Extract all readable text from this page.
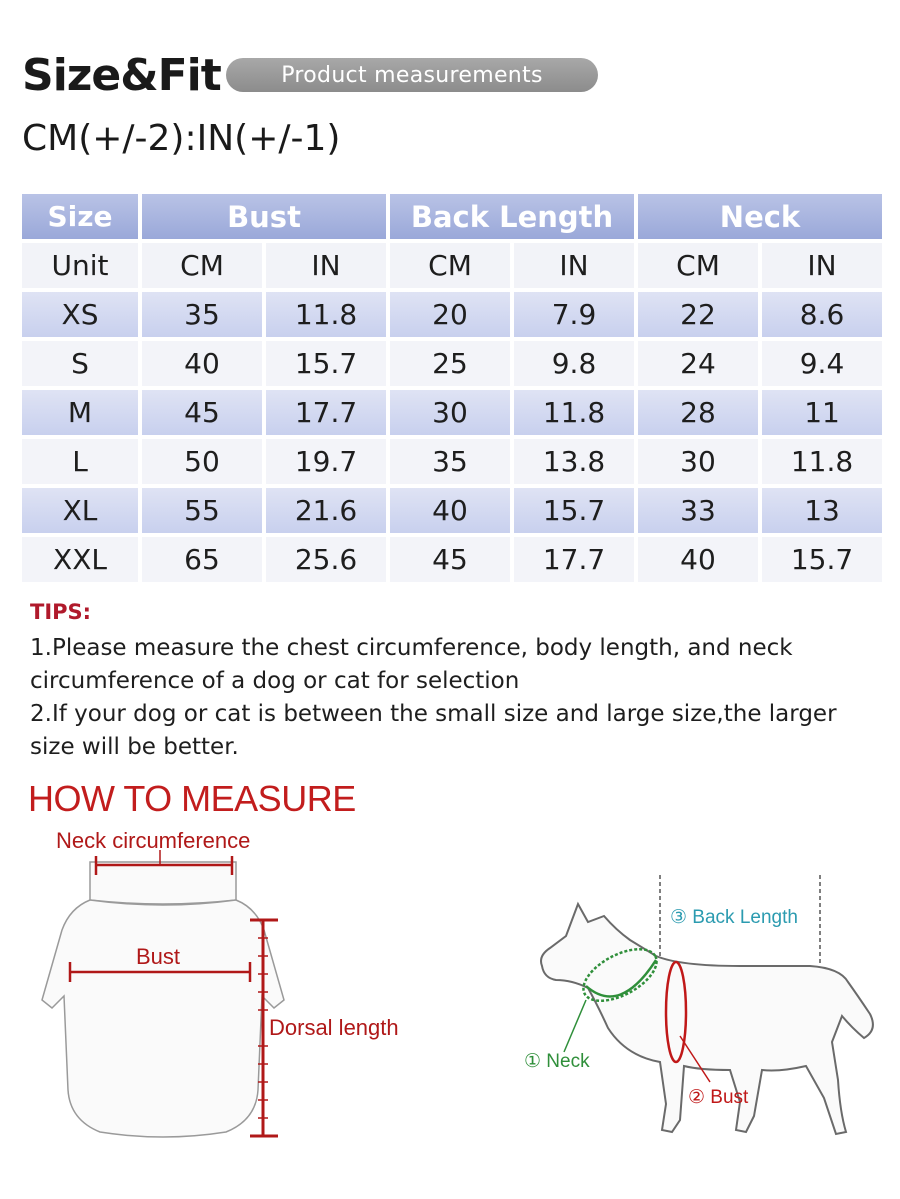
Size&Fit	Product measurements
CM(+/-2):IN(+/-1)
Size	Bust		Back Length		Neck	
Unit	CM	IN	CM	IN	CM	IN
XS	35	11.8	20	7.9	22	8.6
S	40	15.7	25	9.8	24	9.4
M	45	17.7	30	11.8	28	11
L	50	19.7	35	13.8	30	11.8
XL	55	21.6	40	15.7	33	13
XXL	65	25.6	45	17.7	40	15.7
TIPS:

1.Please measure the chest circumference, body length, and neck circumference of a dog or cat for selection

2.If your dog or cat is between the small size and large size,the larger size will be better.

HOW TO MEASURE
Neck circumference
Bust
Dorsal length
③ Back Length
① Neck
② Bust
